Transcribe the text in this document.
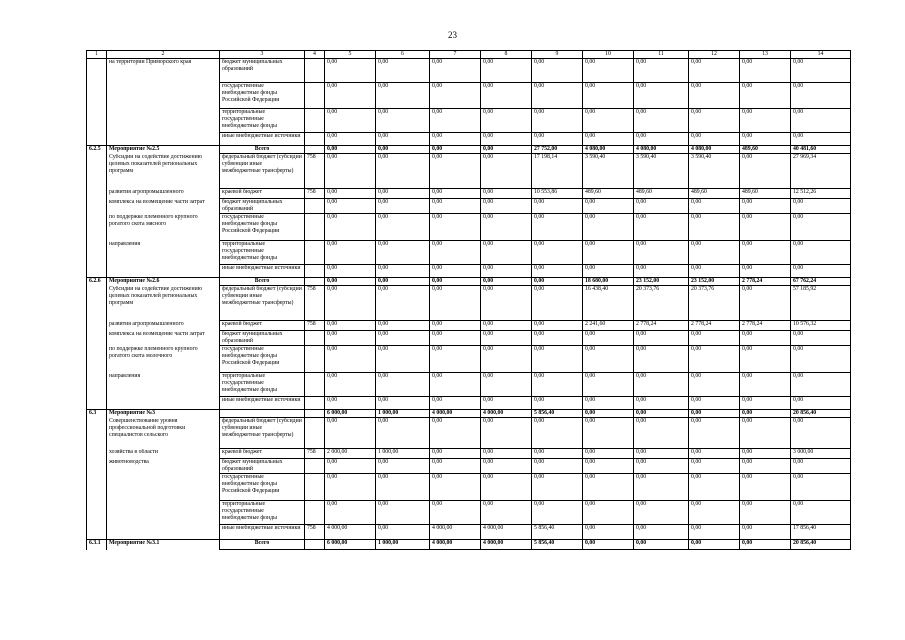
23
1	2	3	4	5	6	7	8	9	10	11	12	13	14
	на территории Приморского края	бюджет муниципальных образований		0,00	0,00	0,00	0,00	0,00	0,00	0,00	0,00	0,00	0,00
		государственные внебюджетные фонды Российской Федерации		0,00	0,00	0,00	0,00	0,00	0,00	0,00	0,00	0,00	0,00
		территориальные государственные внебюджетные фонды		0,00	0,00	0,00	0,00	0,00	0,00	0,00	0,00	0,00	0,00
		иные внебюджетные источники		0,00	0,00	0,00	0,00	0,00	0,00	0,00	0,00	0,00	0,00
6.2.5	Мероприятие №2.5	Всего		0,00	0,00	0,00	0,00	27 752,00	4 080,00	4 080,00	4 080,00	489,60	40 481,60
	Субсидии на содействие достижению целевых показателей региональных программ	федеральный бюджет (субсидии субвенции иные межбюджетные трансферты)	758	0,00	0,00	0,00	0,00	17 198,14	3 590,40	3 590,40	3 590,40	0,00	27 969,34
	развития агропромышленного	краевой бюджет	758	0,00	0,00	0,00	0,00	10 553,86	489,60	489,60	489,60	489,60	12 512,26
	комплекса на возмещение части затрат	бюджет муниципальных образований		0,00	0,00	0,00	0,00	0,00	0,00	0,00	0,00	0,00	0,00
	по поддержке племенного крупного рогатого скота мясного	государственные внебюджетные фонды Российской Федерации		0,00	0,00	0,00	0,00	0,00	0,00	0,00	0,00	0,00	0,00
	направления	территориальные государственные внебюджетные фонды		0,00	0,00	0,00	0,00	0,00	0,00	0,00	0,00	0,00	0,00
		иные внебюджетные источники		0,00	0,00	0,00	0,00	0,00	0,00	0,00	0,00	0,00	0,00
6.2.6	Мероприятие №2.6	Всего		0,00	0,00	0,00	0,00	0,00	18 680,00	23 152,00	23 152,00	2 778,24	67 762,24
	Субсидии на содействие достижению целевых показателей региональных программ	федеральный бюджет (субсидии субвенции иные межбюджетные трансферты)	758	0,00	0,00	0,00	0,00	0,00	16 438,40	20 373,76	20 373,76	0,00	57 185,92
	развития агропромышленного	краевой бюджет	758	0,00	0,00	0,00	0,00	0,00	2 241,60	2 778,24	2 778,24	2 778,24	10 576,32
	комплекса на возмещение части затрат	бюджет муниципальных образований		0,00	0,00	0,00	0,00	0,00	0,00	0,00	0,00	0,00	0,00
	по поддержке племенного крупного рогатого скота молочного	государственные внебюджетные фонды Российской Федерации		0,00	0,00	0,00	0,00	0,00	0,00	0,00	0,00	0,00	0,00
	направления	территориальные государственные внебюджетные фонды		0,00	0,00	0,00	0,00	0,00	0,00	0,00	0,00	0,00	0,00
		иные внебюджетные источники		0,00	0,00	0,00	0,00	0,00	0,00	0,00	0,00	0,00	0,00
6.3	Мероприятие №3			6 000,00	1 000,00	4 000,00	4 000,00	5 856,40	0,00	0,00	0,00	0,00	20 856,40
	Совершенствование уровня профессиональной подготовки специалистов сельского	федеральный бюджет (субсидии субвенции иные межбюджетные трансферты)		0,00	0,00	0,00	0,00	0,00	0,00	0,00	0,00	0,00	0,00
	хозяйства в области	краевой бюджет	758	2 000,00	1 000,00	0,00	0,00	0,00	0,00	0,00	0,00	0,00	3 000,00
	животноводства	бюджет муниципальных образований		0,00	0,00	0,00	0,00	0,00	0,00	0,00	0,00	0,00	0,00
		государственные внебюджетные фонды Российской Федерации		0,00	0,00	0,00	0,00	0,00	0,00	0,00	0,00	0,00	0,00
		территориальные государственные внебюджетные фонды		0,00	0,00	0,00	0,00	0,00	0,00	0,00	0,00	0,00	0,00
		иные внебюджетные источники	758	4 000,00	0,00	4 000,00	4 000,00	5 856,40	0,00	0,00	0,00	0,00	17 856,40
6.3.1	Мероприятие №3.1	Всего		6 000,00	1 000,00	4 000,00	4 000,00	5 856,40	0,00	0,00	0,00	0,00	20 856,40
